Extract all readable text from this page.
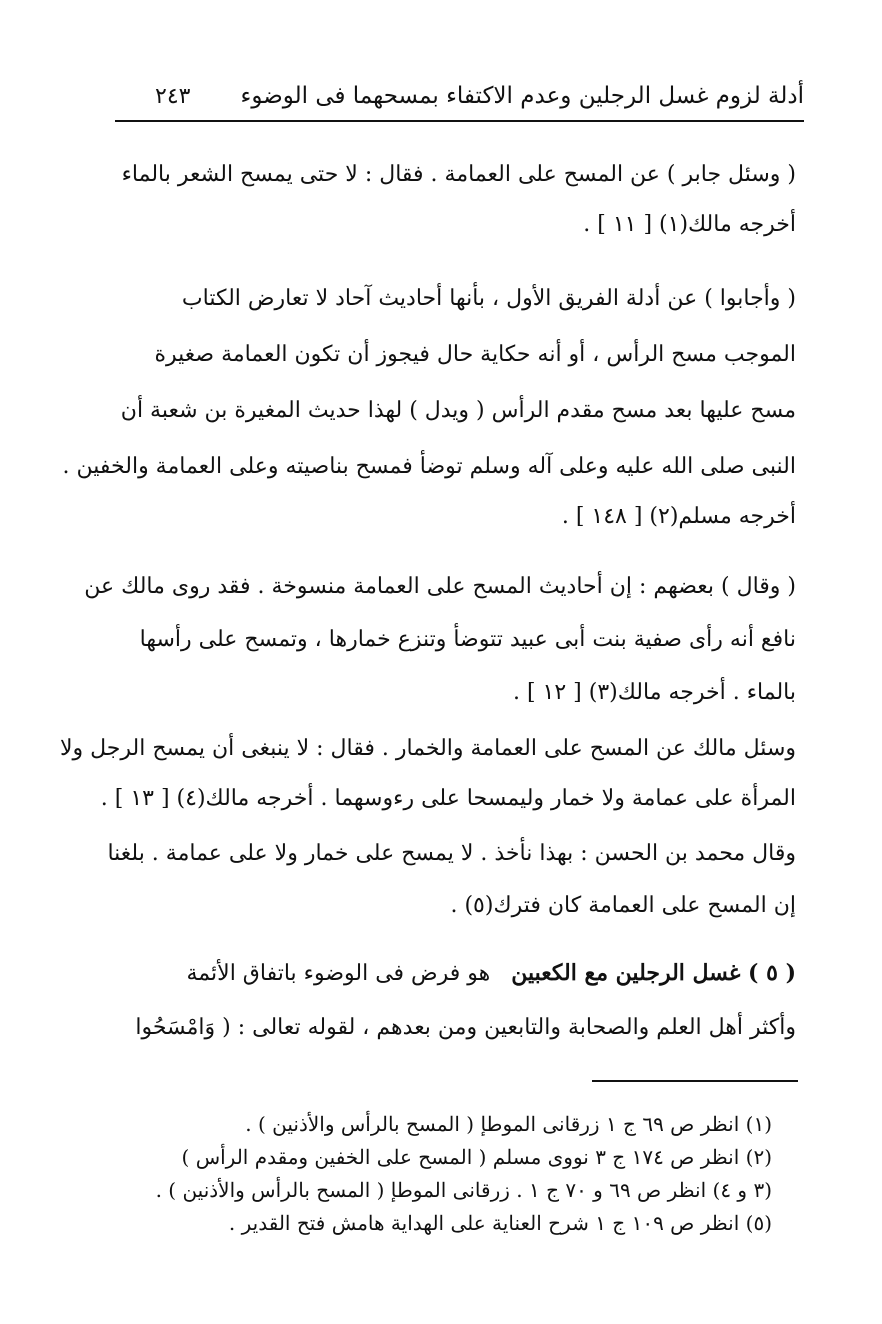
أدلة لزوم غسل الرجلين وعدم الاكتفاء بمسحهما فى الوضوء
٢٤٣
( وسئل جابر ) عن المسح على العمامة . فقال : لا حتى يمسح الشعر بالماء
أخرجه مالك(١) [ ١١ ] .
( وأجابوا ) عن أدلة الفريق الأول ، بأنها أحاديث آحاد لا تعارض الكتاب
الموجب مسح الرأس ، أو أنه حكاية حال فيجوز أن تكون العمامة صغيرة
مسح عليها بعد مسح مقدم الرأس ( ويدل ) لهذا حديث المغيرة بن شعبة أن
النبى صلى الله عليه وعلى آله وسلم توضأ فمسح بناصيته وعلى العمامة والخفين .
أخرجه مسلم(٢) [ ١٤٨ ] .
( وقال ) بعضهم : إن أحاديث المسح على العمامة منسوخة . فقد روى مالك عن
نافع أنه رأى صفية بنت أبى عبيد تتوضأ وتنزع خمارها ، وتمسح على رأسها
بالماء . أخرجه مالك(٣) [ ١٢ ] .
وسئل مالك عن المسح على العمامة والخمار . فقال : لا ينبغى أن يمسح الرجل ولا
المرأة على عمامة ولا خمار وليمسحا على رءوسهما . أخرجه مالك(٤) [ ١٣ ] .
وقال محمد بن الحسن : بهذا نأخذ . لا يمسح على خمار ولا على عمامة . بلغنا
إن المسح على العمامة كان فترك(٥) .
( ٥ ) غسل الرجلين مع الكعبين   هو فرض فى الوضوء باتفاق الأئمة
وأكثر أهل العلم والصحابة والتابعين ومن بعدهم ، لقوله تعالى : ( وَامْسَحُوا
(١) انظر ص ٦٩ ج ١ زرقانى الموطإ ( المسح بالرأس والأذنين ) .
(٢) انظر ص ١٧٤ ج ٣ نووى مسلم ( المسح على الخفين ومقدم الرأس )
(٣ و ٤) انظر ص ٦٩ و ٧٠ ج ١ . زرقانى الموطإ ( المسح بالرأس والأذنين ) .
(٥) انظر ص ١٠٩ ج ١ شرح العناية على الهداية هامش فتح القدير .
